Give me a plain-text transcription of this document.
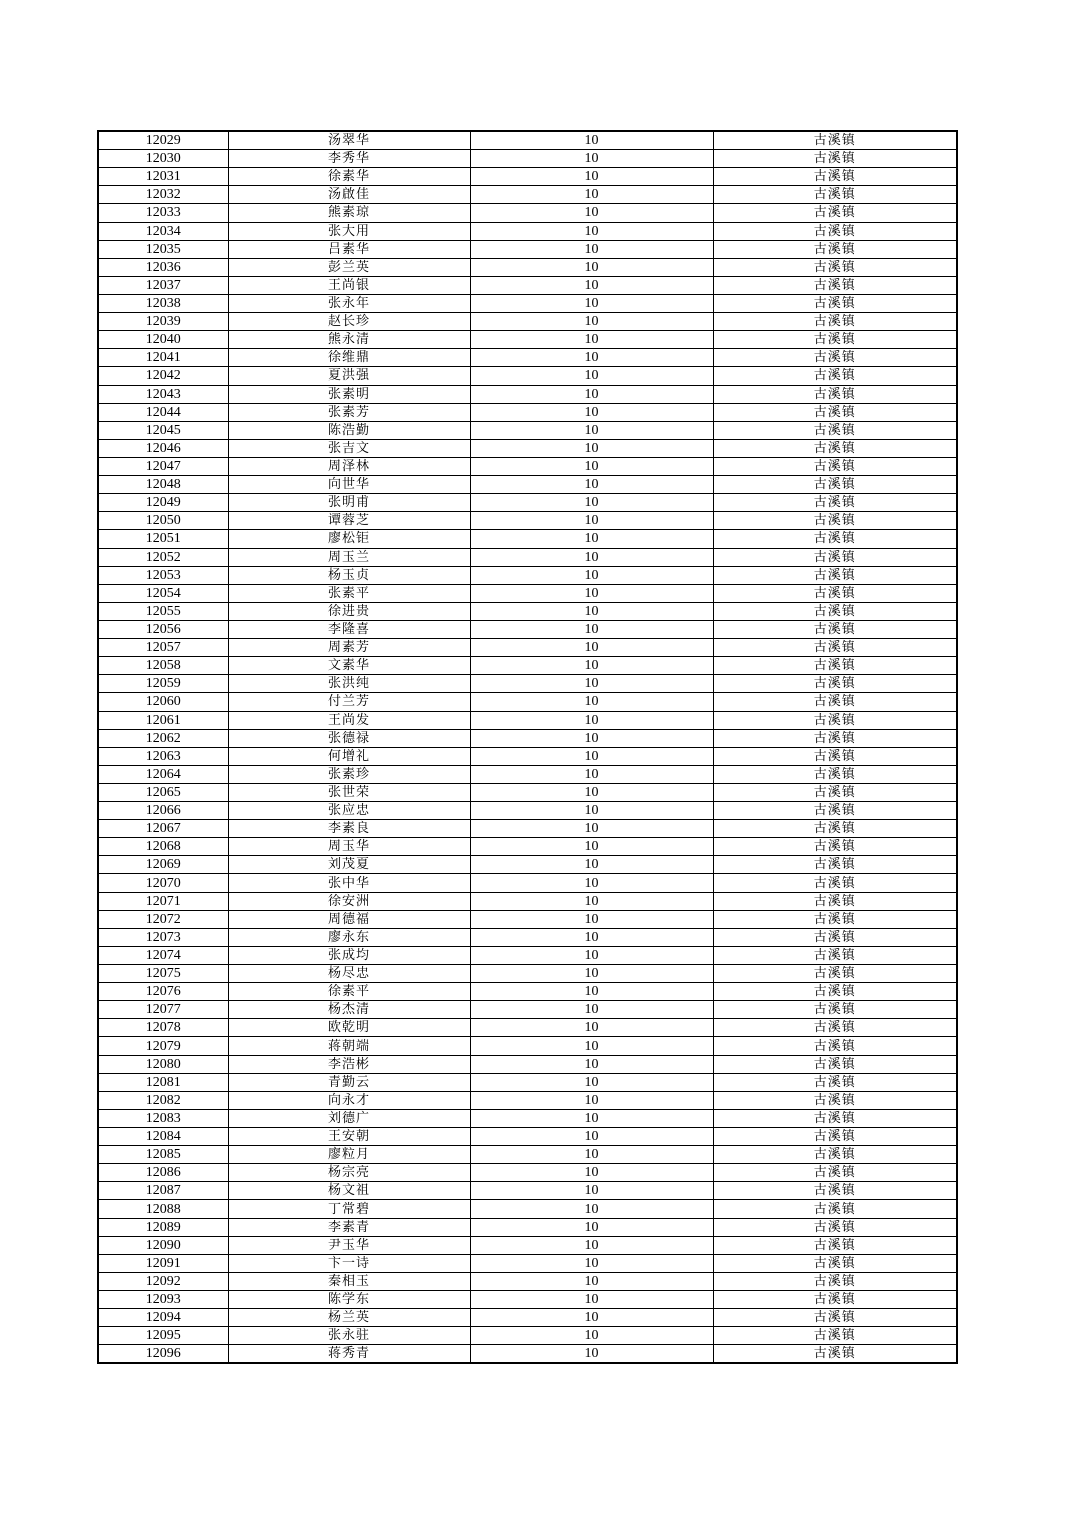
12029	汤翠华	10	古溪镇
12030	李秀华	10	古溪镇
12031	徐素华	10	古溪镇
12032	汤啟佳	10	古溪镇
12033	熊素琼	10	古溪镇
12034	张大用	10	古溪镇
12035	吕素华	10	古溪镇
12036	彭兰英	10	古溪镇
12037	王尚银	10	古溪镇
12038	张永年	10	古溪镇
12039	赵长珍	10	古溪镇
12040	熊永清	10	古溪镇
12041	徐维鼎	10	古溪镇
12042	夏洪强	10	古溪镇
12043	张素明	10	古溪镇
12044	张素芳	10	古溪镇
12045	陈浩勤	10	古溪镇
12046	张吉文	10	古溪镇
12047	周泽林	10	古溪镇
12048	向世华	10	古溪镇
12049	张明甫	10	古溪镇
12050	谭蓉芝	10	古溪镇
12051	廖松钜	10	古溪镇
12052	周玉兰	10	古溪镇
12053	杨玉贞	10	古溪镇
12054	张素平	10	古溪镇
12055	徐进贵	10	古溪镇
12056	李隆喜	10	古溪镇
12057	周素芳	10	古溪镇
12058	文素华	10	古溪镇
12059	张洪纯	10	古溪镇
12060	付兰芳	10	古溪镇
12061	王尚发	10	古溪镇
12062	张德禄	10	古溪镇
12063	何增礼	10	古溪镇
12064	张素珍	10	古溪镇
12065	张世荣	10	古溪镇
12066	张应忠	10	古溪镇
12067	李素良	10	古溪镇
12068	周玉华	10	古溪镇
12069	刘茂夏	10	古溪镇
12070	张中华	10	古溪镇
12071	徐安洲	10	古溪镇
12072	周德福	10	古溪镇
12073	廖永东	10	古溪镇
12074	张成均	10	古溪镇
12075	杨尽忠	10	古溪镇
12076	徐素平	10	古溪镇
12077	杨杰清	10	古溪镇
12078	欧乾明	10	古溪镇
12079	蒋朝端	10	古溪镇
12080	李浩彬	10	古溪镇
12081	青勤云	10	古溪镇
12082	向永才	10	古溪镇
12083	刘德广	10	古溪镇
12084	王安朝	10	古溪镇
12085	廖粒月	10	古溪镇
12086	杨宗亮	10	古溪镇
12087	杨文祖	10	古溪镇
12088	丁常碧	10	古溪镇
12089	李素青	10	古溪镇
12090	尹玉华	10	古溪镇
12091	卞一诗	10	古溪镇
12092	秦相玉	10	古溪镇
12093	陈学东	10	古溪镇
12094	杨兰英	10	古溪镇
12095	张永驻	10	古溪镇
12096	蒋秀青	10	古溪镇
